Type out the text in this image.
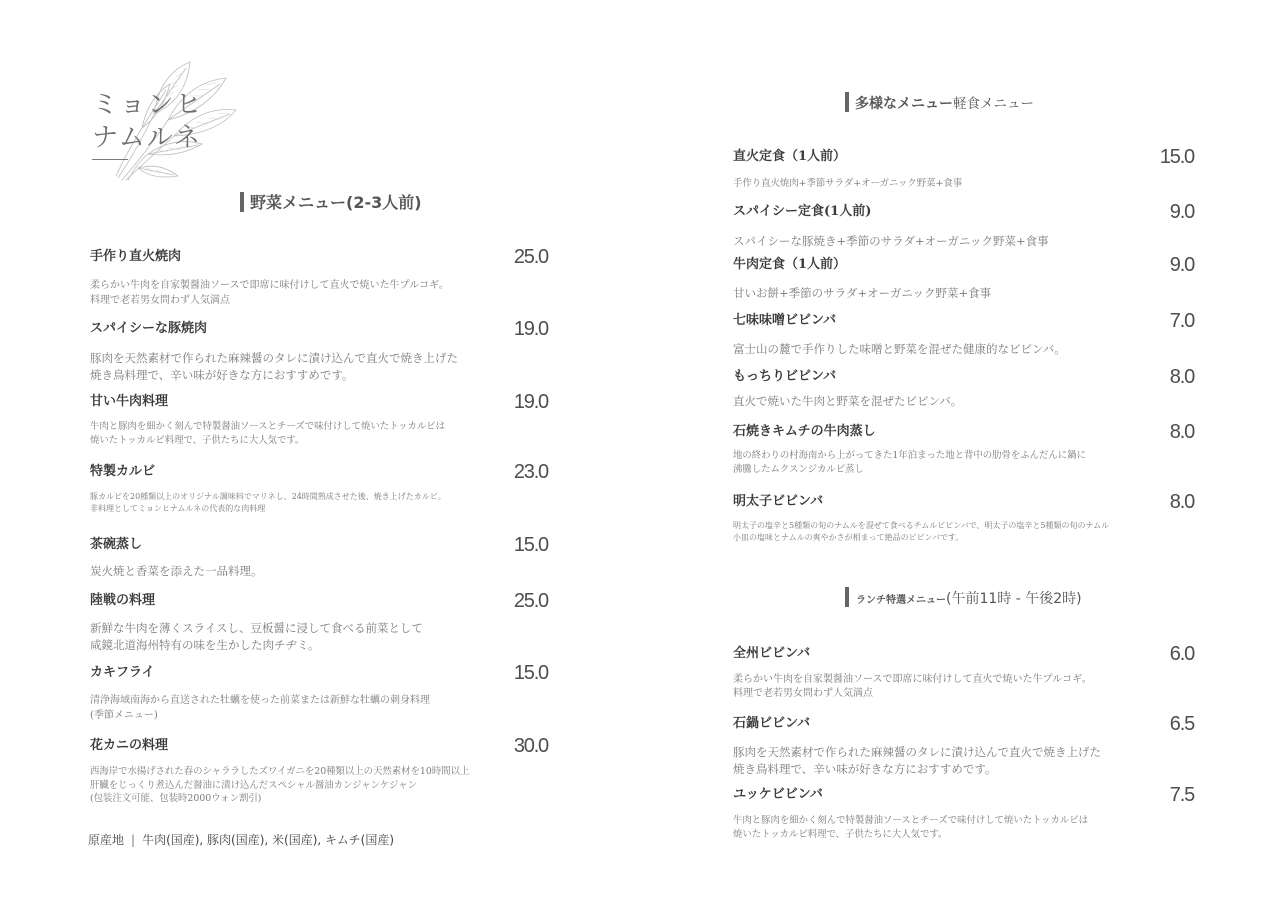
ミョンヒ
ナムルネ
野菜メニュー(2-3人前)
手作り直火焼肉	25.0
柔らかい牛肉を自家製醤油ソースで即席に味付けして直火で焼いた牛プルコギ。
料理で老若男女問わず人気満点
スパイシーな豚焼肉	19.0
豚肉を天然素材で作られた麻辣醤のタレに漬け込んで直火で焼き上げた
焼き鳥料理で、辛い味が好きな方におすすめです。
甘い牛肉料理	19.0
牛肉と豚肉を細かく刻んで特製醤油ソースとチーズで味付けして焼いたトッカルビは
焼いたトッカルビ料理で、子供たちに大人気です。
特製カルビ	23.0
豚カルビを20種類以上のオリジナル調味料でマリネし、24時間熟成させた後、焼き上げたカルビ。
非料理としてミョンヒナムルネの代表的な肉料理
茶碗蒸し	15.0
炭火焼と香菜を添えた一品料理。
陸戦の料理	25.0
新鮮な牛肉を薄くスライスし、豆板醤に浸して食べる前菜として
咸鏡北道海州特有の味を生かした肉チヂミ。
カキフライ	15.0
清浄海域南海から直送された牡蠣を使った前菜または新鮮な牡蠣の刺身料理
(季節メニュー)
花カニの料理	30.0
西海岸で水揚げされた春のシャララしたズワイガニを20種類以上の天然素材を10時間以上
肝臓をじっくり煮込んだ醤油に漬け込んだスペシャル醤油カンジャンケジャン
(包装注文可能、包装時2000ウォン割引)
原産地 | 牛肉(国産), 豚肉(国産), 米(国産), キムチ(国産)
多様なメニュー軽食メニュー
直火定食（1人前）	15.0
手作り直火焼肉+季節サラダ+オーガニック野菜+食事
スパイシー定食(1人前)	9.0
スパイシーな豚焼き+季節のサラダ+オーガニック野菜+食事
牛肉定食（1人前）	9.0
甘いお餅+季節のサラダ+オーガニック野菜+食事
七味味噌ビビンバ	7.0
富士山の麓で手作りした味噌と野菜を混ぜた健康的なビビンバ。
もっちりビビンバ	8.0
直火で焼いた牛肉と野菜を混ぜたビビンバ。
石焼きキムチの牛肉蒸し	8.0
地の終わりの村海南から上がってきた1年泊まった地と背中の肋骨をふんだんに鍋に
沸騰したムクスンジカルビ蒸し
明太子ビビンバ	8.0
明太子の塩辛と5種類の旬のナムルを混ぜて食べるチムルビビンバで、明太子の塩辛と5種類の旬のナムル
小皿の塩味とナムルの爽やかさが相まって絶品のビビンバです。
ランチ特選メニュー(午前11時 - 午後2時)
全州ビビンバ	6.0
柔らかい牛肉を自家製醤油ソースで即席に味付けして直火で焼いた牛プルコギ。
料理で老若男女問わず人気満点
石鍋ビビンバ	6.5
豚肉を天然素材で作られた麻辣醤のタレに漬け込んで直火で焼き上げた
焼き鳥料理で、辛い味が好きな方におすすめです。
ユッケビビンバ	7.5
牛肉と豚肉を細かく刻んで特製醤油ソースとチーズで味付けして焼いたトッカルビは
焼いたトッカルビ料理で、子供たちに大人気です。
